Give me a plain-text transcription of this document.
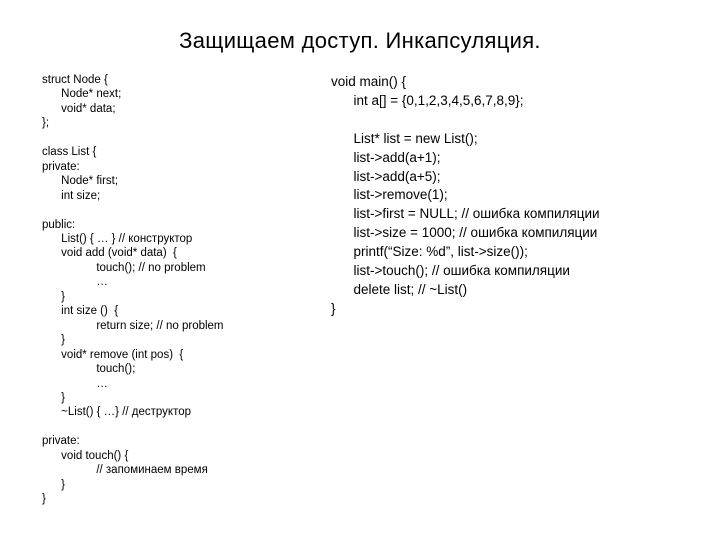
Защищаем доступ. Инкапсуляция.
struct Node {
Node* next;
void* data;
};

class List {
private:
Node* first;
int size;

public:
List() { … } // конструктор
void add (void* data)  {
touch(); // no problem
…
}
int size ()  {
return size; // no problem
}
void* remove (int pos)  {
touch();
…
}
~List() { …} // деструктор

private:
void touch() {
// запоминаем время
}
}
void main() {
int a[] = {0,1,2,3,4,5,6,7,8,9};

List* list = new List();
list->add(a+1);
list->add(a+5);
list->remove(1);
list->first = NULL; // ошибка компиляции
list->size = 1000; // ошибка компиляции
printf(“Size: %d”, list->size());
list->touch(); // ошибка компиляции
delete list; // ~List()
}
